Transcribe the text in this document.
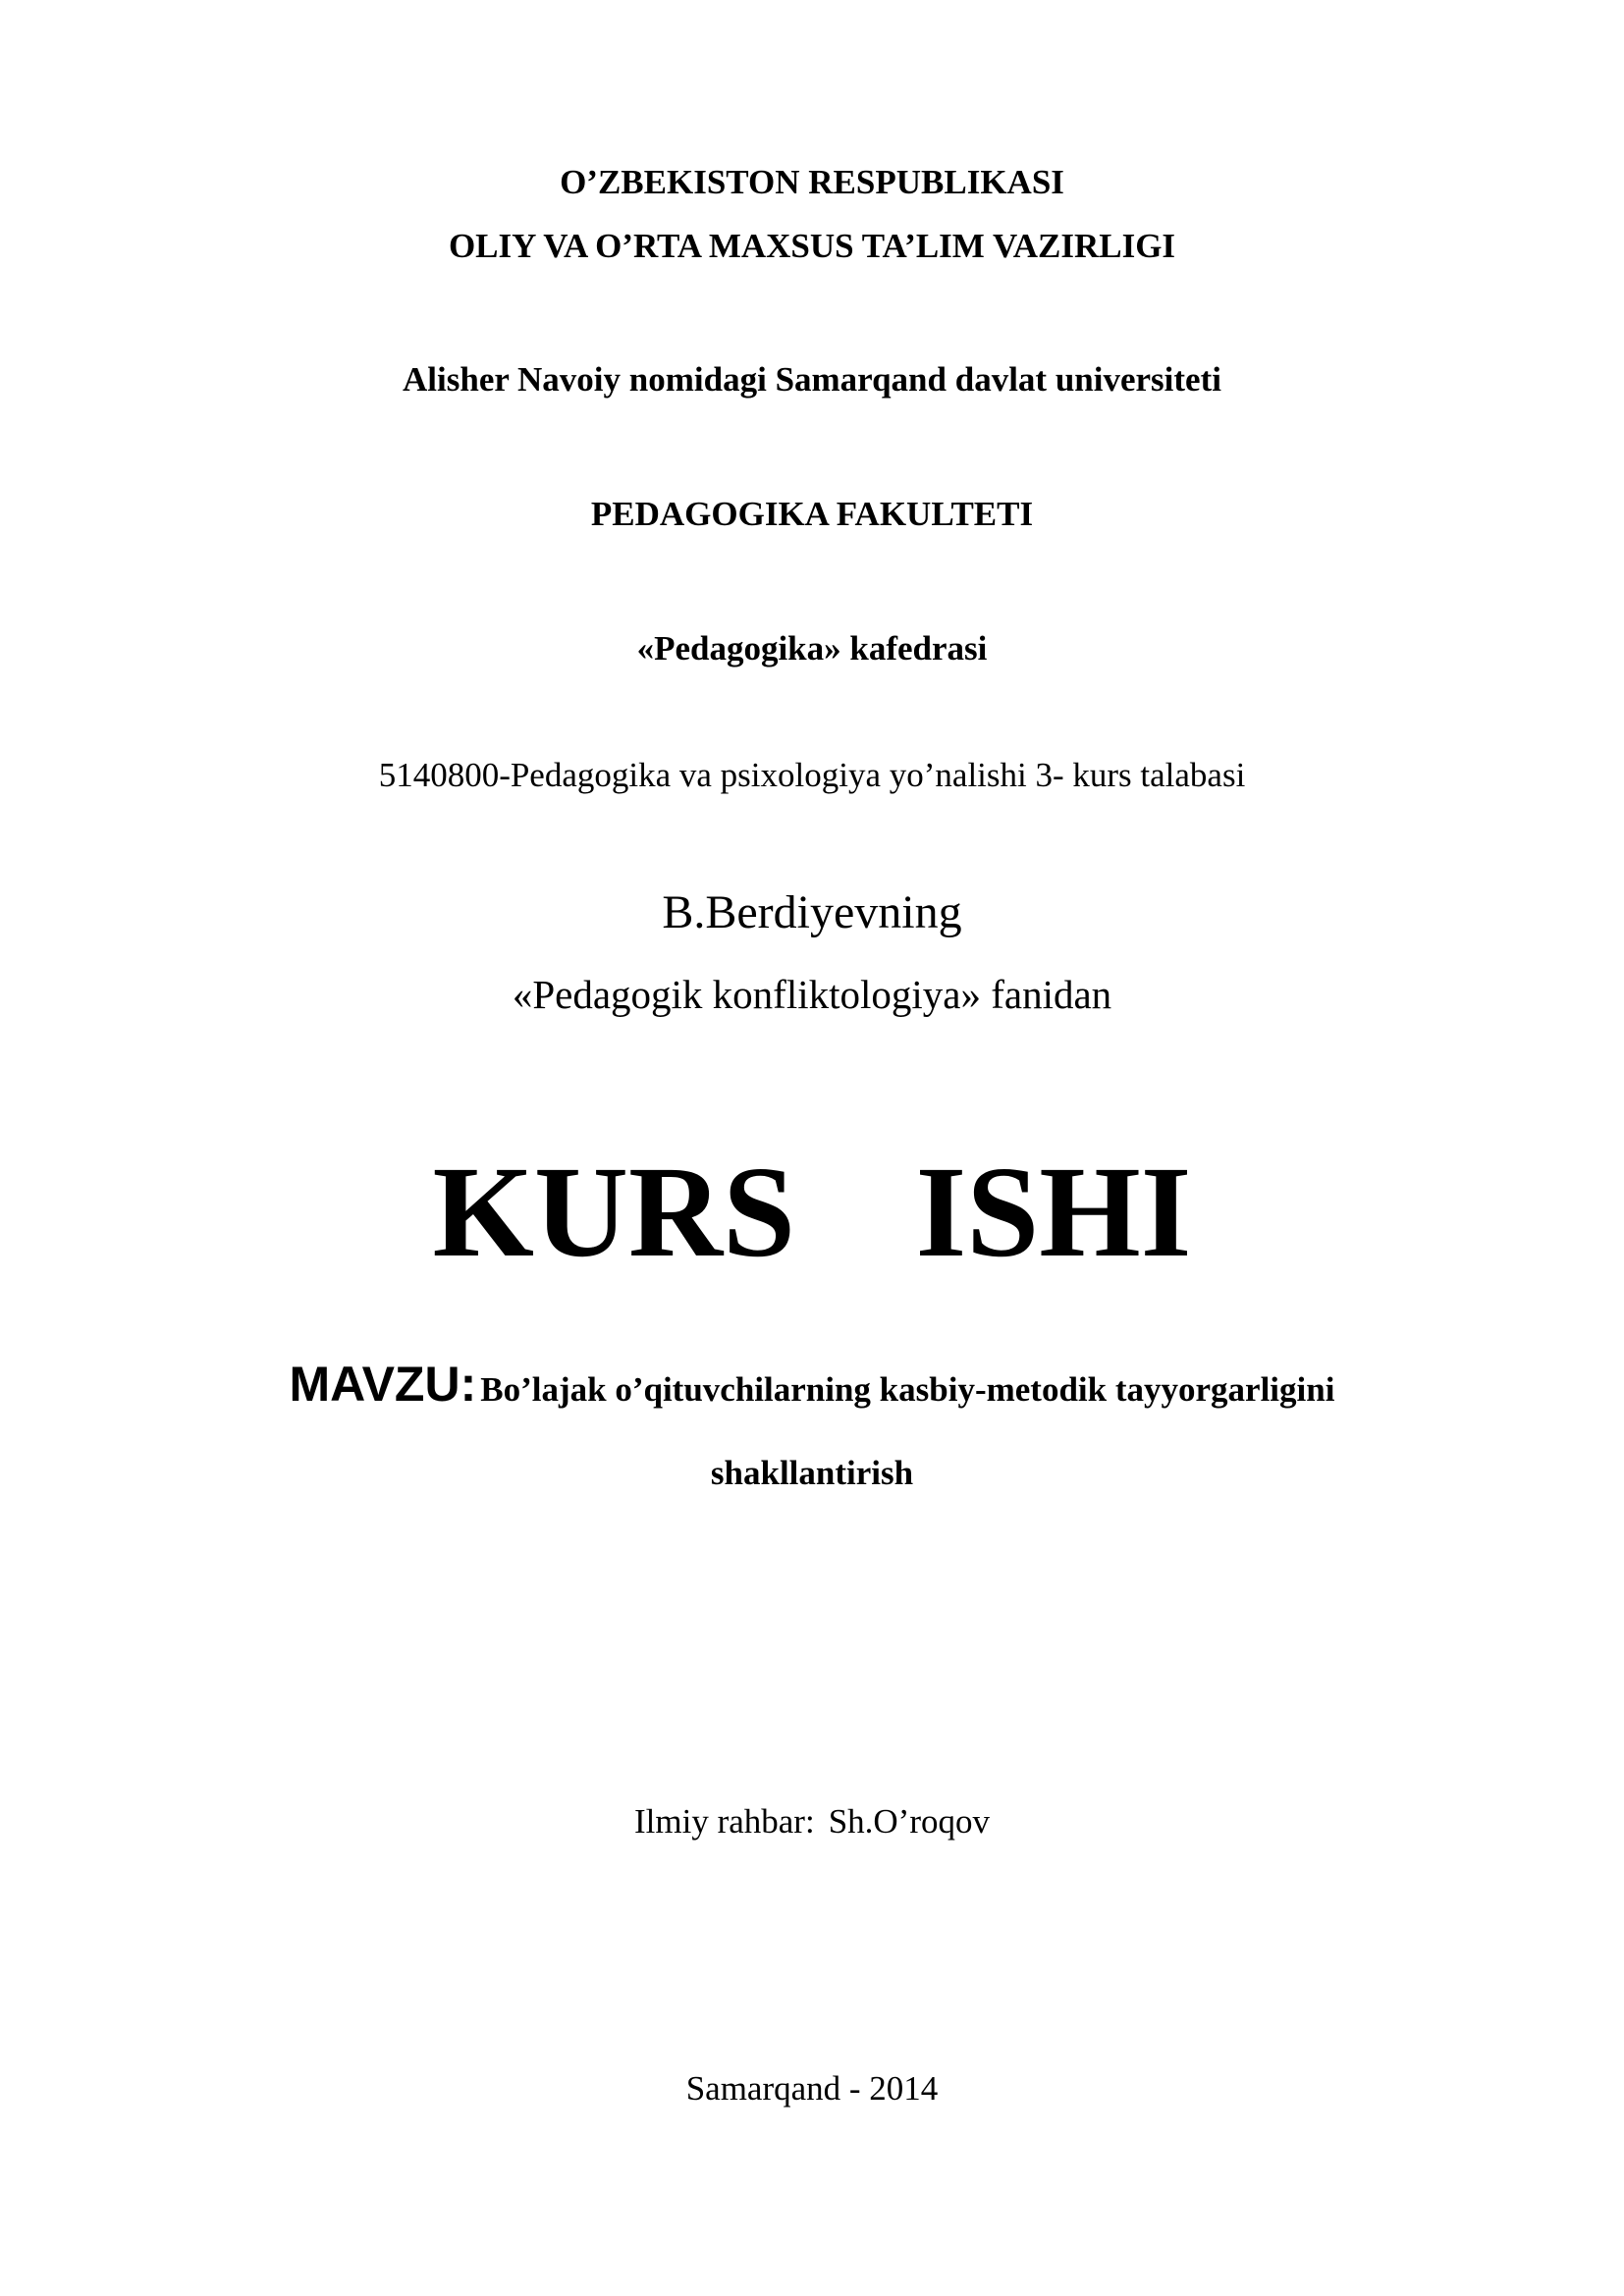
O’ZBEKISTON RESPUBLIKASI
OLIY VA O’RTA MAXSUS TA’LIM VAZIRLIGI
Alisher Navoiy nomidagi Samarqand davlat universiteti
PEDAGOGIKA FAKULTETI
«Pedagogika» kafedrasi
5140800-Pedagogika va psixologiya yo’nalishi 3- kurs talabasi
B.Berdiyevning
«Pedagogik konfliktologiya» fanidan
KURS  ISHI
MAVZU: Bo’lajak o’qituvchilarning kasbiy-metodik tayyorgarligini
shakllantirish
Ilmiy rahbar: Sh.O’roqov
Samarqand - 2014
